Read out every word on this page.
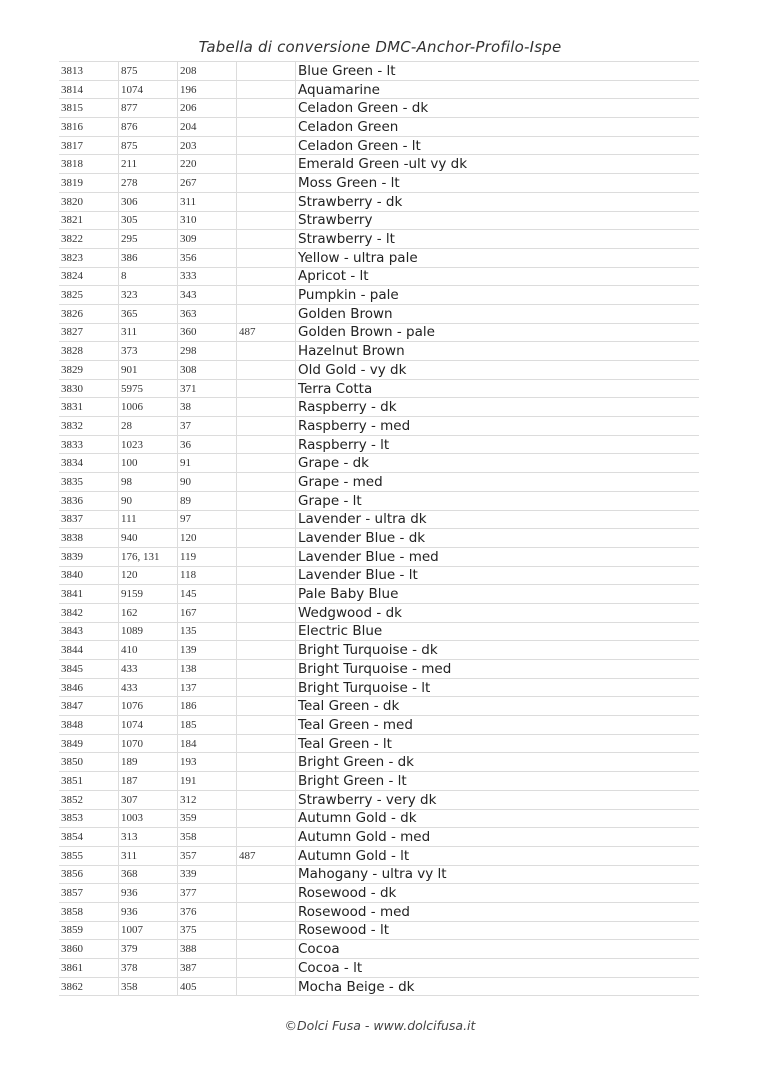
Tabella di conversione DMC-Anchor-Profilo-Ispe
3813	875	208		Blue Green - lt
3814	1074	196		Aquamarine
3815	877	206		Celadon Green - dk
3816	876	204		Celadon Green
3817	875	203		Celadon Green - lt
3818	211	220		Emerald Green -ult vy dk
3819	278	267		Moss Green - lt
3820	306	311		Strawberry - dk
3821	305	310		Strawberry
3822	295	309		Strawberry - lt
3823	386	356		Yellow - ultra pale
3824	8	333		Apricot - lt
3825	323	343		Pumpkin - pale
3826	365	363		Golden Brown
3827	311	360	487	Golden Brown - pale
3828	373	298		Hazelnut Brown
3829	901	308		Old Gold - vy dk
3830	5975	371		Terra Cotta
3831	1006	38		Raspberry - dk
3832	28	37		Raspberry - med
3833	1023	36		Raspberry - lt
3834	100	91		Grape - dk
3835	98	90		Grape - med
3836	90	89		Grape - lt
3837	111	97		Lavender - ultra dk
3838	940	120		Lavender Blue - dk
3839	176, 131	119		Lavender Blue - med
3840	120	118		Lavender Blue - lt
3841	9159	145		Pale Baby Blue
3842	162	167		Wedgwood - dk
3843	1089	135		Electric Blue
3844	410	139		Bright Turquoise - dk
3845	433	138		Bright Turquoise - med
3846	433	137		Bright Turquoise - lt
3847	1076	186		Teal Green - dk
3848	1074	185		Teal Green - med
3849	1070	184		Teal Green - lt
3850	189	193		Bright Green - dk
3851	187	191		Bright Green - lt
3852	307	312		Strawberry - very dk
3853	1003	359		Autumn Gold - dk
3854	313	358		Autumn Gold - med
3855	311	357	487	Autumn Gold - lt
3856	368	339		Mahogany - ultra vy lt
3857	936	377		Rosewood - dk
3858	936	376		Rosewood - med
3859	1007	375		Rosewood - lt
3860	379	388		Cocoa
3861	378	387		Cocoa - lt
3862	358	405		Mocha Beige - dk
©Dolci Fusa - www.dolcifusa.it
